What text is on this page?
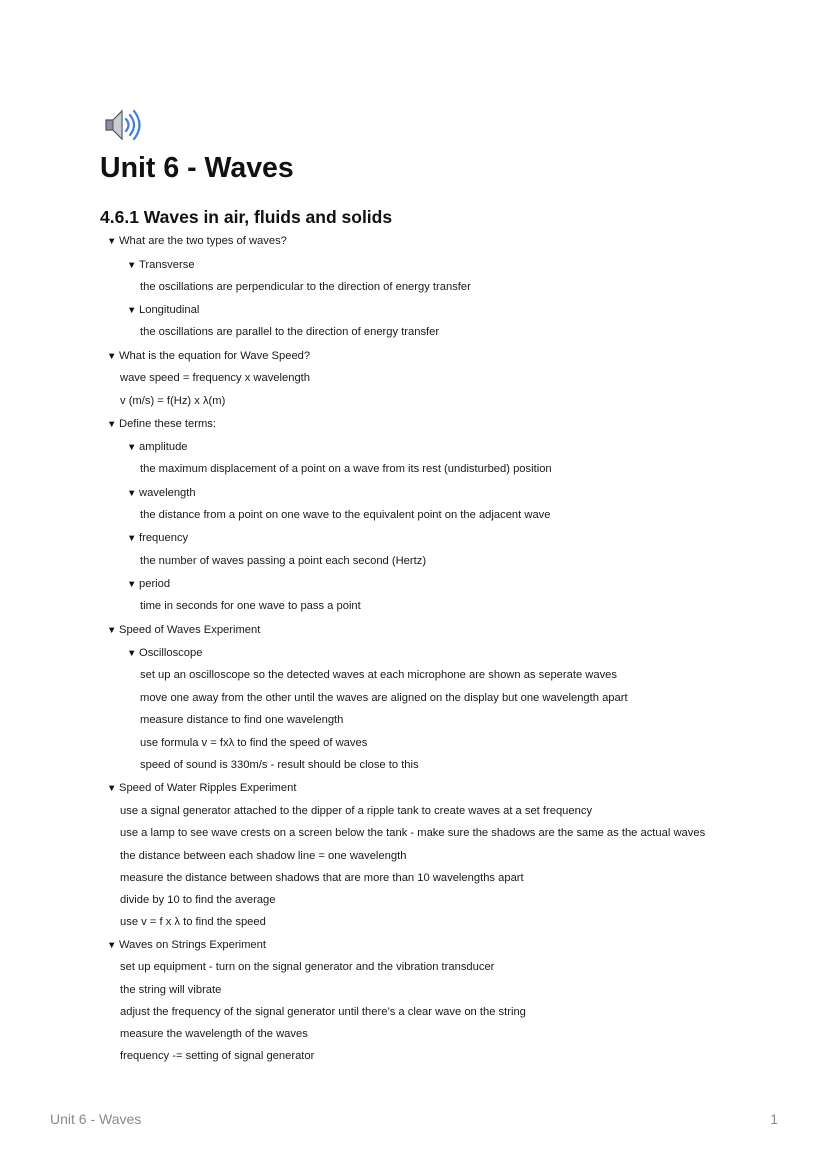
Unit 6 - Waves
4.6.1 Waves in air, fluids and solids
▼ What are the two types of waves?
▼ Transverse
the oscillations are perpendicular to the direction of energy transfer
▼ Longitudinal
the oscillations are parallel to the direction of energy transfer
▼ What is the equation for Wave Speed?
wave speed = frequency x wavelength
v (m/s) = f(Hz) x λ(m)
▼ Define these terms:
▼ amplitude
the maximum displacement of a point on a wave from its rest (undisturbed) position
▼ wavelength
the distance from a point on one wave to the equivalent point on the adjacent wave
▼ frequency
the number of waves passing a point each second (Hertz)
▼ period
time in seconds for one wave to pass a point
▼ Speed of Waves Experiment
▼ Oscilloscope
set up an oscilloscope so the detected waves at each microphone are shown as seperate waves
move one away from the other until the waves are aligned on the display but one wavelength apart
measure distance to find one wavelength
use formula v = fxλ to find the speed of waves
speed of sound is 330m/s - result should be close to this
▼ Speed of Water Ripples Experiment
use a signal generator attached to the dipper of a ripple tank to create waves at a set frequency
use a lamp to see wave crests on a screen below the tank - make sure the shadows are the same as the actual waves
the distance between each shadow line = one wavelength
measure the distance between shadows that are more than 10 wavelengths apart
divide by 10 to find the average
use v = f x λ to find the speed
▼ Waves on Strings Experiment
set up equipment - turn on the signal generator and the vibration transducer
the string will vibrate
adjust the frequency of the signal generator until there’s a clear wave on the string
measure the wavelength of the waves
frequency -= setting of signal generator
Unit 6 - Waves	1
